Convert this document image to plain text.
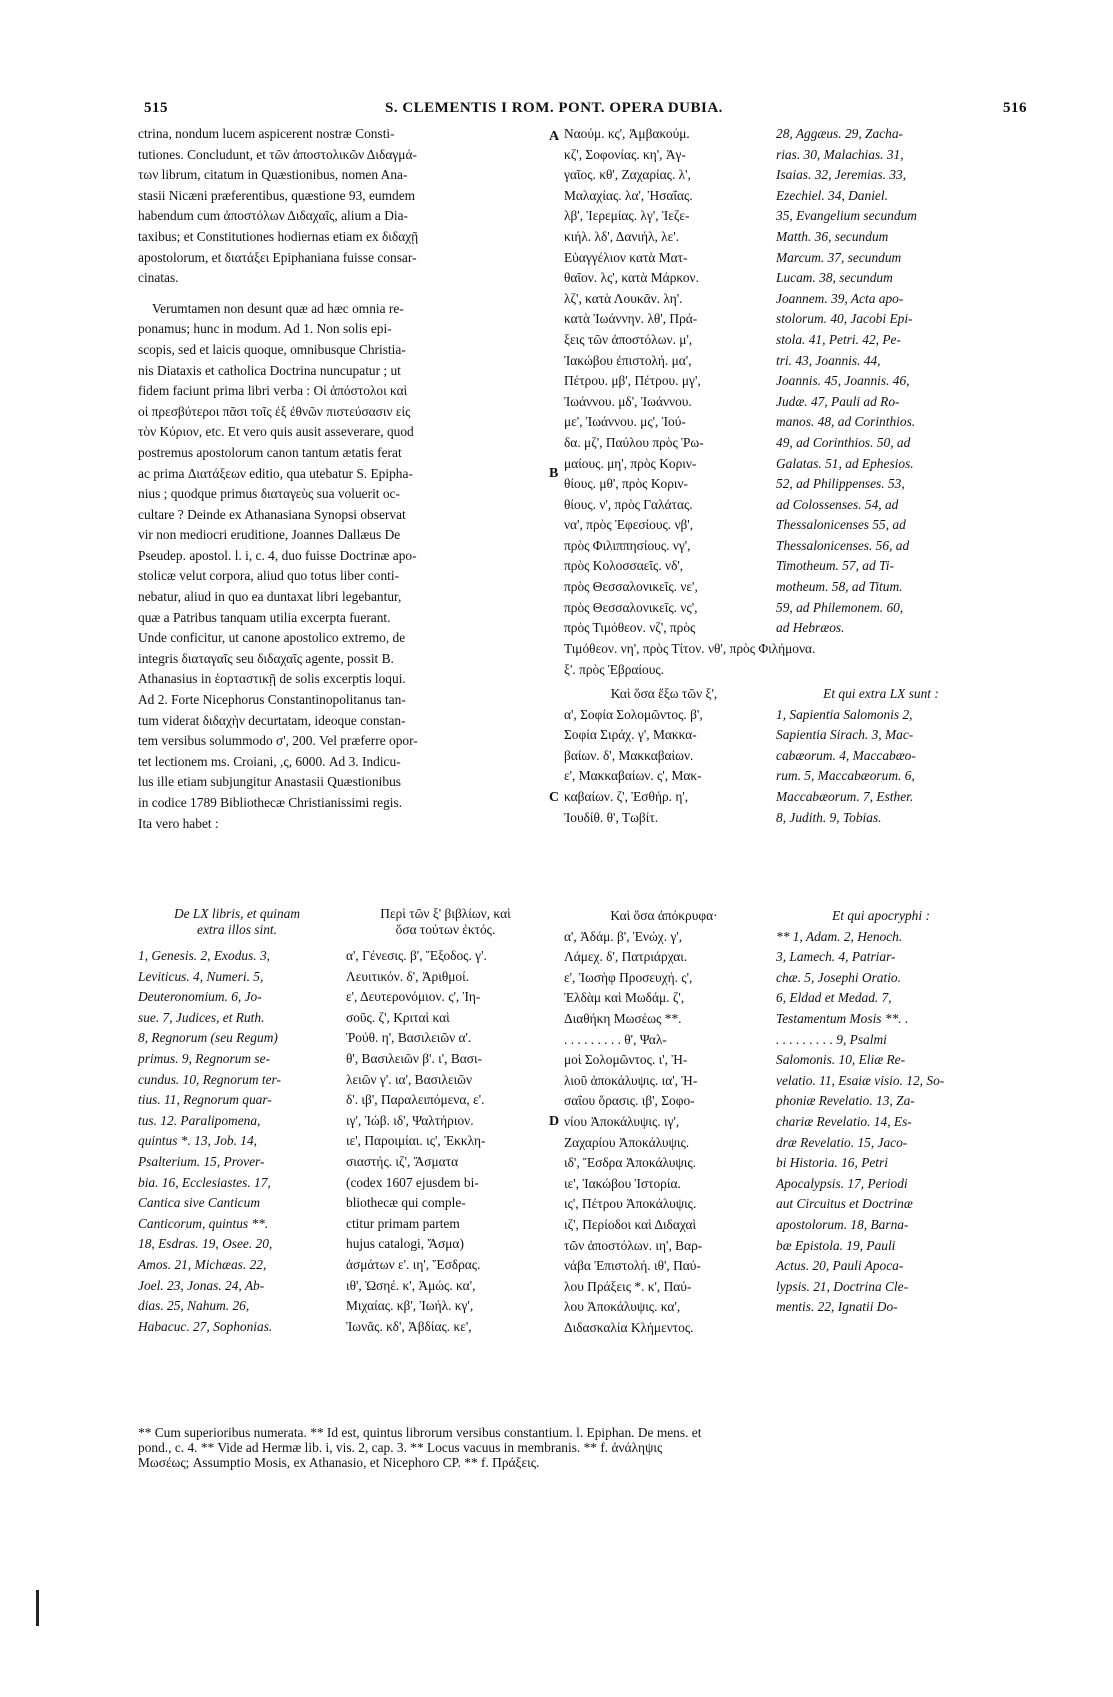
515	S. CLEMENTIS I ROM. PONT. OPERA DUBIA.	516

ctrina, nondum lucem aspicerent nostræ Consti-

tutiones. Concludunt, et τῶν ἀποστολικῶν Διδαγμά-

των librum, citatum in Quæstionibus, nomen Ana-

stasii Nicæni præferentibus, quæstione 93, eumdem

habendum cum ἀποστόλων Διδαχαῖς, alium a Dia-

taxibus; et Constitutiones hodiernas etiam ex διδαχῇ

apostolorum, et διατάξει Epiphaniana fuisse consar-

cinatas.

Verumtamen non desunt quæ ad hæc omnia re-

ponamus; hunc in modum. Ad 1. Non solis epi-

scopis, sed et laicis quoque, omnibusque Christia-

nis Diataxis et catholica Doctrina nuncupatur ; ut

fidem faciunt prima libri verba : Οἱ ἀπόστολοι καὶ

οἱ πρεσβύτεροι πᾶσι τοῖς ἐξ ἐθνῶν πιστεύσασιν εἰς

τὸν Κύριον, etc. Et vero quis ausit asseverare, quod

postremus apostolorum canon tantum ætatis ferat

ac prima Διατάξεων editio, qua utebatur S. Epipha-

nius ; quodque primus διαταγεὺς sua voluerit oc-

cultare ? Deinde ex Athanasiana Synopsi observat

vir non mediocri eruditione, Joannes Dallæus De

Pseudep. apostol. l. i, c. 4, duo fuisse Doctrinæ apo-

stolicæ velut corpora, aliud quo totus liber conti-

nebatur, aliud in quo ea duntaxat libri legebantur,

quæ a Patribus tanquam utilia excerpta fuerant.

Unde conficitur, ut canone apostolico extremo, de

integris διαταγαῖς seu διδαχαῖς agente, possit B.

Athanasius in ἑορταστικῇ de solis excerptis loqui.

Ad 2. Forte Nicephorus Constantinopolitanus tan-

tum viderat διδαχὴν decurtatam, ideoque constan-

tem versibus solummodo σ', 200. Vel præferre opor-

tet lectionem ms. Croiani, ,ς, 6000. Ad 3. Indicu-

lus ille etiam subjungitur Anastasii Quæstionibus

in codice 1789 Bibliothecæ Christianissimi regis.

Ita vero habet :

A
B
C
D

Ναούμ. κς', Ἀμβακούμ.

κζ', Σοφονίας. κη', Ἀγ-

γαῖος. κθ', Ζαχαρίας. λ',

Μαλαχίας. λα', Ἡσαΐας.

λβ', Ἱερεμίας. λγ', Ἰεζε-

κιήλ. λδ', Δανιήλ, λε'.

Εὐαγγέλιον κατὰ Ματ-

θαῖον. λς', κατὰ Μάρκον.

λζ', κατὰ Λουκᾶν. λη'.

κατὰ Ἰωάννην. λθ', Πρά-

ξεις τῶν ἀποστόλων. μ',

Ἰακώβου ἐπιστολή. μα',

Πέτρου. μβ', Πέτρου. μγ',

Ἰωάννου. μδ', Ἰωάννου.

με', Ἰωάννου. μς', Ἰού-

δα. μζ', Παύλου πρὸς Ῥω-

μαίους. μη', πρὸς Κοριν-

θίους. μθ', πρὸς Κοριν-

θίους. ν', πρὸς Γαλάτας.

να', πρὸς Ἐφεσίους. νβ',

πρὸς Φιλιππησίους. νγ',

πρὸς Κολοσσαεῖς. νδ',

πρὸς Θεσσαλονικεῖς. νε',

πρὸς Θεσσαλονικεῖς. νς',

πρὸς Τιμόθεον. νζ', πρὸς

28, Aggæus. 29, Zacha-

rias. 30, Malachias. 31,

Isaias. 32, Jeremias. 33,

Ezechiel. 34, Daniel.

35, Evangelium secundum

Matth. 36, secundum

Marcum. 37, secundum

Lucam. 38, secundum

Joannem. 39, Acta apo-

stolorum. 40, Jacobi Epi-

stola. 41, Petri. 42, Pe-

tri. 43, Joannis. 44,

Joannis. 45, Joannis. 46,

Judæ. 47, Pauli ad Ro-

manos. 48, ad Corinthios.

49, ad Corinthios. 50, ad

Galatas. 51, ad Ephesios.

52, ad Philippenses. 53,

ad Colossenses. 54, ad

Thessalonicenses 55, ad

Thessalonicenses. 56, ad

Timotheum. 57, ad Ti-

motheum. 58, ad Titum.

59, ad Philemonem. 60,

ad Hebræos.

Τιμόθεον. νη', πρὸς Τίτον. νθ', πρὸς Φιλήμονα.

ξ'. πρὸς Ἑβραίους.

Καὶ ὅσα ἔξω τῶν ξ',

α', Σοφία Σολομῶντος. β',

Σοφία Σιράχ. γ', Μακκα-

βαίων. δ', Μακκαβαίων.

ε', Μακκαβαίων. ς', Μακ-

καβαίων. ζ', Ἐσθήρ. η',

Ἰουδίθ. θ', Τωβίτ.

Et qui extra LX sunt :

1, Sapientia Salomonis 2,

Sapientia Sirach. 3, Mac-

cabæorum. 4, Maccabæo-

rum. 5, Maccabæorum. 6,

Maccabæorum. 7, Esther.

8, Judith. 9, Tobias.

De LX libris, et quinam

extra illos sint.

1, Genesis. 2, Exodus. 3,

Leviticus. 4, Numeri. 5,

Deuteronomium. 6, Jo-

sue. 7, Judices, et Ruth.

8, Regnorum (seu Regum)

primus. 9, Regnorum se-

cundus. 10, Regnorum ter-

tius. 11, Regnorum quar-

tus. 12. Paralipomena,

quintus *. 13, Job. 14,

Psalterium. 15, Prover-

bia. 16, Ecclesiastes. 17,

Cantica sive Canticum

Canticorum, quintus **.

18, Esdras. 19, Osee. 20,

Amos. 21, Michæas. 22,

Joel. 23, Jonas. 24, Ab-

dias. 25, Nahum. 26,

Habacuc. 27, Sophonias.

Περὶ τῶν ξ' βιβλίων, καὶ

ὅσα τούτων ἐκτός.

α', Γένεσις. β', Ἔξοδος. γ'.

Λευιτικόν. δ', Ἀριθμοί.

ε', Δευτερονόμιον. ς', Ἰη-

σοῦς. ζ', Κριταὶ καὶ

Ῥούθ. η', Βασιλειῶν α'.

θ', Βασιλειῶν β'. ι', Βασι-

λειῶν γ'. ια', Βασιλειῶν

δ'. ιβ', Παραλειπόμενα, ε'.

ιγ', Ἰώβ. ιδ', Ψαλτήριον.

ιε', Παροιμίαι. ις', Ἐκκλη-

σιαστής. ιζ', Ἄσματα

(codex 1607 ejusdem bi-

bliothecæ qui comple-

ctitur primam partem

hujus catalogi, Ἄσμα)

ἀσμάτων ε'. ιη', Ἔσδρας.

ιθ', Ὠσηέ. κ', Ἀμώς. κα',

Μιχαίας. κβ', Ἰωήλ. κγ',

Ἰωνᾶς. κδ', Ἀβδίας. κε',

Καὶ ὅσα ἀπόκρυφα·

α', Ἀδάμ. β', Ἐνώχ. γ',

Λάμεχ. δ', Πατριάρχαι.

ε', Ἰωσὴφ Προσευχή. ς',

Ἐλδὰμ καὶ Μωδάμ. ζ',

Διαθήκη Μωσέως **.

. . . . . . . . . θ', Ψαλ-

μοὶ Σολομῶντος. ι', Ἠ-

λιοῦ ἀποκάλυψις. ια', Ἡ-

σαΐου ὅρασις. ιβ', Σοφο-

νίου Ἀποκάλυψις. ιγ',

Ζαχαρίου Ἀποκάλυψις.

ιδ', Ἔσδρα Ἀποκάλυψις.

ιε', Ἰακώβου Ἱστορία.

ις', Πέτρου Ἀποκάλυψις.

ιζ', Περίοδοι καὶ Διδαχαὶ

τῶν ἀποστόλων. ιη', Βαρ-

νάβα Ἐπιστολή. ιθ', Παύ-

λου Πράξεις *. κ', Παύ-

λου Ἀποκάλυψις. κα',

Διδασκαλία Κλήμεντος.

Et qui apocryphi :

** 1, Adam. 2, Henoch.

3, Lamech. 4, Patriar-

chæ. 5, Josephi Oratio.

6, Eldad et Medad. 7,

Testamentum Mosis **. .

. . . . . . . . . 9, Psalmi

Salomonis. 10, Eliæ Re-

velatio. 11, Esaiæ visio. 12, So-

phoniæ Revelatio. 13, Za-

chariæ Revelatio. 14, Es-

dræ Revelatio. 15, Jaco-

bi Historia. 16, Petri

Apocalypsis. 17, Periodi

aut Circuitus et Doctrinæ

apostolorum. 18, Barna-

bæ Epistola. 19, Pauli

Actus. 20, Pauli Apoca-

lypsis. 21, Doctrina Cle-

mentis. 22, Ignatii Do-

** Cum superioribus numerata. ** Id est, quintus librorum versibus constantium. l. Epiphan. De mens. et

pond., c. 4. ** Vide ad Hermæ lib. i, vis. 2, cap. 3. ** Locus vacuus in membranis. ** f. ἀνάληψις

Μωσέως; Assumptio Mosis, ex Athanasio, et Nicephoro CP. ** f. Πράξεις.
